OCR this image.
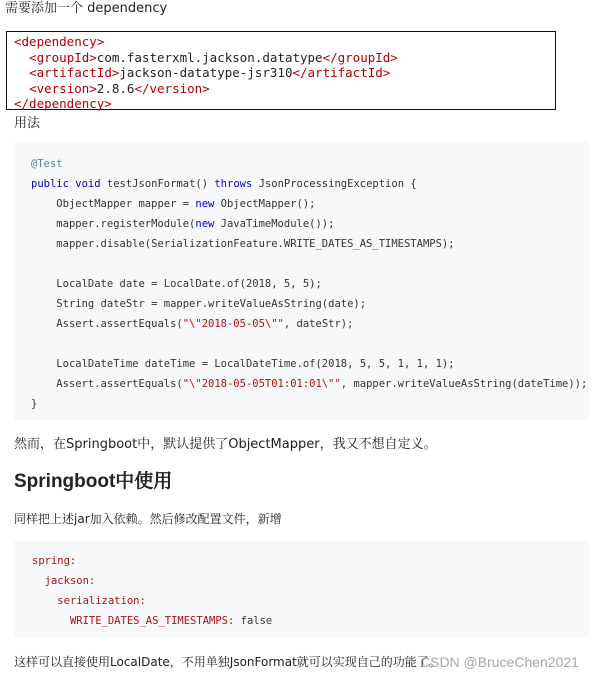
需要添加一个 dependency
<dependency>
<groupId>com.fasterxml.jackson.datatype</groupId>
<artifactId>jackson-datatype-jsr310</artifactId>
<version>2.8.6</version>
</dependency>
用法
@Test
public void testJsonFormat() throws JsonProcessingException {
ObjectMapper mapper = new ObjectMapper();
mapper.registerModule(new JavaTimeModule());
mapper.disable(SerializationFeature.WRITE_DATES_AS_TIMESTAMPS);

LocalDate date = LocalDate.of(2018, 5, 5);
String dateStr = mapper.writeValueAsString(date);
Assert.assertEquals("\"2018-05-05\"", dateStr);

LocalDateTime dateTime = LocalDateTime.of(2018, 5, 5, 1, 1, 1);
Assert.assertEquals("\"2018-05-05T01:01:01\"", mapper.writeValueAsString(dateTime));
}
然而，在Springboot中，默认提供了ObjectMapper，我又不想自定义。
Springboot中使用
同样把上述jar加入依赖。然后修改配置文件，新增
spring:
jackson:
serialization:
WRITE_DATES_AS_TIMESTAMPS: false
这样可以直接使用LocalDate，不用单独JsonFormat就可以实现自己的功能了。
CSDN @BruceChen2021
